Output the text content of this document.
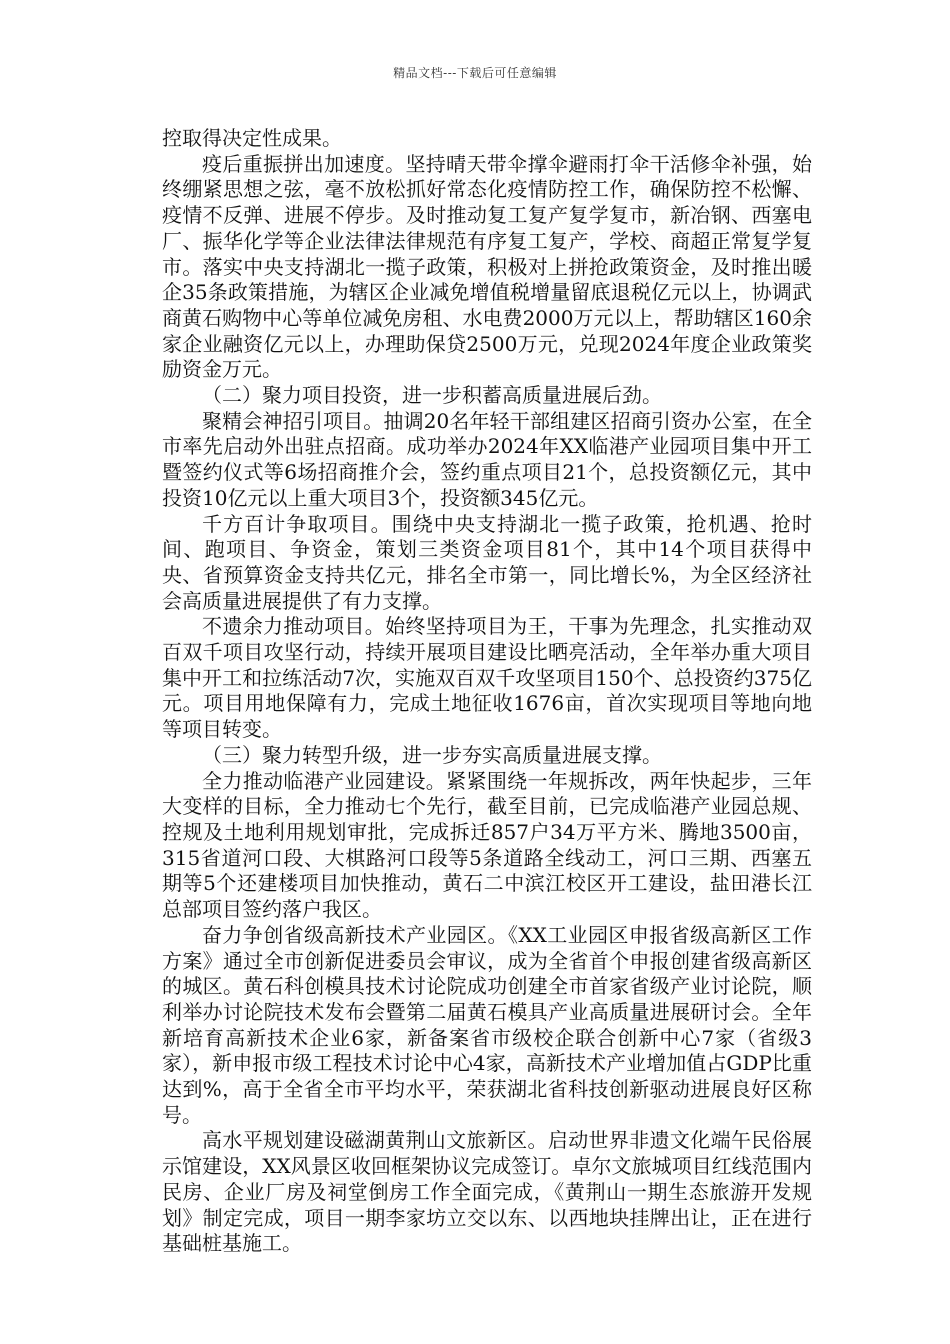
精品文档---下载后可任意编辑

控取得决定性成果。

疫后重振拼出加速度。坚持晴天带伞撑伞避雨打伞干活修伞补强，始终绷紧思想之弦，毫不放松抓好常态化疫情防控工作，确保防控不松懈、疫情不反弹、进展不停步。及时推动复工复产复学复市，新冶钢、西塞电厂、振华化学等企业法律法律规范有序复工复产，学校、商超正常复学复市。落实中央支持湖北一揽子政策，积极对上拼抢政策资金，及时推出暖企35条政策措施，为辖区企业减免增值税增量留底退税亿元以上，协调武商黄石购物中心等单位减免房租、水电费2000万元以上，帮助辖区160余家企业融资亿元以上，办理助保贷2500万元，兑现2024年度企业政策奖励资金万元。

（二）聚力项目投资，进一步积蓄高质量进展后劲。

聚精会神招引项目。抽调20名年轻干部组建区招商引资办公室，在全市率先启动外出驻点招商。成功举办2024年XX临港产业园项目集中开工暨签约仪式等6场招商推介会，签约重点项目21个，总投资额亿元，其中投资10亿元以上重大项目3个，投资额345亿元。

千方百计争取项目。围绕中央支持湖北一揽子政策，抢机遇、抢时间、跑项目、争资金，策划三类资金项目81个，其中14个项目获得中央、省预算资金支持共亿元，排名全市第一，同比增长%，为全区经济社会高质量进展提供了有力支撑。

不遗余力推动项目。始终坚持项目为王，干事为先理念，扎实推动双百双千项目攻坚行动，持续开展项目建设比晒亮活动，全年举办重大项目集中开工和拉练活动7次，实施双百双千攻坚项目150个、总投资约375亿元。项目用地保障有力，完成土地征收1676亩，首次实现项目等地向地等项目转变。

（三）聚力转型升级，进一步夯实高质量进展支撑。

全力推动临港产业园建设。紧紧围绕一年规拆改，两年快起步，三年大变样的目标，全力推动七个先行，截至目前，已完成临港产业园总规、控规及土地利用规划审批，完成拆迁857户34万平方米、腾地3500亩，315省道河口段、大棋路河口段等5条道路全线动工，河口三期、西塞五期等5个还建楼项目加快推动，黄石二中滨江校区开工建设，盐田港长江总部项目签约落户我区。

奋力争创省级高新技术产业园区。《XX工业园区申报省级高新区工作方案》通过全市创新促进委员会审议，成为全省首个申报创建省级高新区的城区。黄石科创模具技术讨论院成功创建全市首家省级产业讨论院，顺利举办讨论院技术发布会暨第二届黄石模具产业高质量进展研讨会。全年新培育高新技术企业6家，新备案省市级校企联合创新中心7家（省级3家），新申报市级工程技术讨论中心4家，高新技术产业增加值占GDP比重达到%，高于全省全市平均水平，荣获湖北省科技创新驱动进展良好区称号。

高水平规划建设磁湖黄荆山文旅新区。启动世界非遗文化端午民俗展示馆建设，XX风景区收回框架协议完成签订。卓尔文旅城项目红线范围内民房、企业厂房及祠堂倒房工作全面完成，《黄荆山一期生态旅游开发规划》制定完成，项目一期李家坊立交以东、以西地块挂牌出让，正在进行基础桩基施工。
